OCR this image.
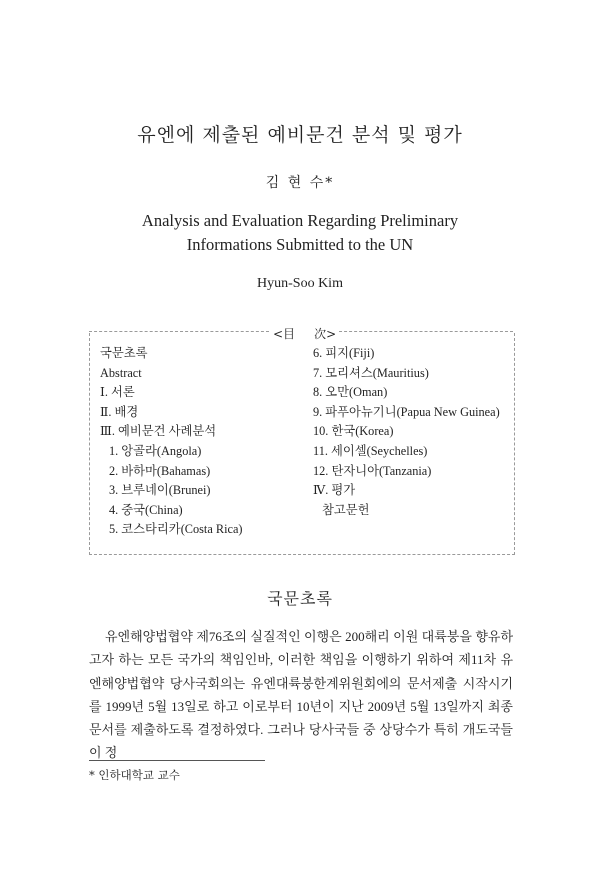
유엔에 제출된 예비문건 분석 및 평가
김 현 수*
Analysis and Evaluation Regarding Preliminary
Informations Submitted to the UN
Hyun-Soo Kim
<目     次>
국문초록
Abstract
Ⅰ. 서론
Ⅱ. 배경
Ⅲ. 예비문건 사례분석
1. 앙골라(Angola)
2. 바하마(Bahamas)
3. 브루네이(Brunei)
4. 중국(China)
5. 코스타리카(Costa Rica)
6. 피지(Fiji)
7. 모리셔스(Mauritius)
8. 오만(Oman)
9. 파푸아뉴기니(Papua New Guinea)
10. 한국(Korea)
11. 세이셀(Seychelles)
12. 탄자니아(Tanzania)
Ⅳ. 평가
참고문헌
국문초록
유엔해양법협약 제76조의 실질적인 이행은 200해리 이원 대륙붕을 향유하고자 하는 모든 국가의 책임인바, 이러한 책임을 이행하기 위하여 제11차 유엔해양법협약 당사국회의는 유엔대륙붕한계위원회에의 문서제출 시작시기를 1999년 5월 13일로 하고 이로부터 10년이 지난 2009년 5월 13일까지 최종문서를 제출하도록 결정하였다. 그러나 당사국들 중 상당수가 특히 개도국들이 정
* 인하대학교 교수
